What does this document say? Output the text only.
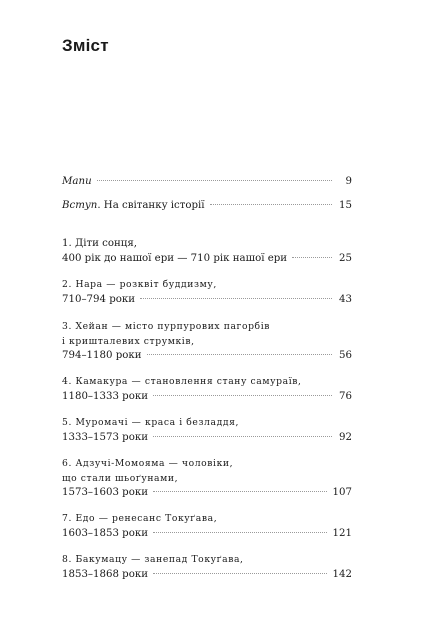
Зміст
Мапи	9
Вступ. На світанку історії	15
1. Діти сонця,
400 рік до нашої ери — 710 рік нашої ери	25
2. Нара — розквіт буддизму,
710–794 роки	43
3. Хейан — місто пурпурових пагорбів
і кришталевих струмків,
794–1180 роки	56
4. Камакура — становлення стану самураїв,
1180–1333 роки	76
5. Муромачі — краса і безладдя,
1333–1573 роки	92
6. Адзучі-Момояма — чоловіки,
що стали шьоґунами,
1573–1603 роки	107
7. Едо — ренесанс Токуґава,
1603–1853 роки	121
8. Бакумацу — занепад Токуґава,
1853–1868 роки	142
